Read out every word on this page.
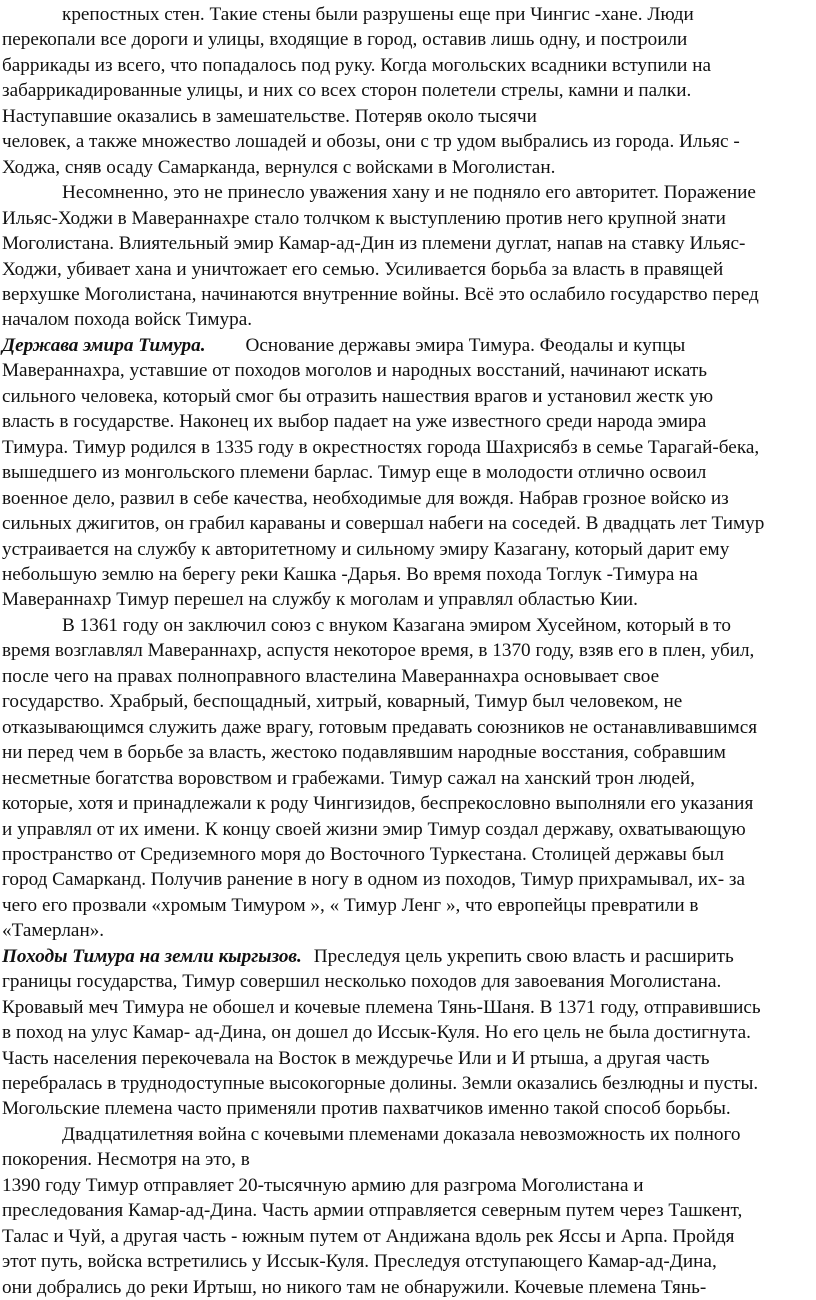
крепостных стен. Такие стены были разрушены еще при Чингис -хане. Люди
перекопали все дороги и улицы, входящие в город, оставив лишь одну, и построили
баррикады из всего, что попадалось под руку. Когда могольских всадники вступили на
забаррикадированные улицы, и них со всех сторон полетели стрелы, камни и палки.
Наступавшие оказались в замешательстве. Потеряв около тысячи
человек, а также множество лошадей и обозы, они с тр удом выбрались из города. Ильяс -
Ходжа, сняв осаду Самарканда, вернулся с войсками в Моголистан.
Несомненно, это не принесло уважения хану и не подняло его авторитет. Поражение
Ильяс-Ходжи в Мавераннахре стало толчком к выступлению против него крупной знати
Моголистана. Влиятельный эмир Камар-ад-Дин из племени дуглат, напав на ставку Ильяс-
Ходжи, убивает хана и уничтожает его семью. Усиливается борьба за власть в правящей
верхушке Моголистана, начинаются внутренние войны. Всё это ослабило государство перед
началом похода войск Тимура.
Держава эмира Тимура. Основание державы эмира Тимура. Феодалы и купцы
Мавераннахра, уставшие от походов моголов и народных восстаний, начинают искать
сильного человека, который смог бы отразить нашествия врагов и установил жестк ую
власть в государстве. Наконец их выбор падает на уже известного среди народа эмира
Тимура. Тимур родился в 1335 году в окрестностях города Шахрисябз в семье Тарагай-бека,
вышедшего из монгольского племени барлас. Тимур еще в молодости отлично освоил
военное дело, развил в себе качества, необходимые для вождя. Набрав грозное войско из
сильных джигитов, он грабил караваны и совершал набеги на соседей. В двадцать лет Тимур
устраивается на службу к авторитетному и сильному эмиру Казагану, который дарит ему
небольшую землю на берегу реки Кашка -Дарья. Во время похода Тоглук -Тимура на
Мавераннахр Тимур перешел на службу к моголам и управлял областью Кии.
В 1361 году он заключил союз с внуком Казагана эмиром Хусейном, который в то
время возглавлял Мавераннахр, аспустя некоторое время, в 1370 году, взяв его в плен, убил,
после чего на правах полноправного властелина Мавераннахра основывает свое
государство. Храбрый, беспощадный, хитрый, коварный, Тимур был человеком, не
отказывающимся служить даже врагу, готовым предавать союзников не останавливавшимся
ни перед чем в борьбе за власть, жестоко подавлявшим народные восстания, собравшим
несметные богатства воровством и грабежами. Тимур сажал на ханский трон людей,
которые, хотя и принадлежали к роду Чингизидов, беспрекословно выполняли его указания
и управлял от их имени. К концу своей жизни эмир Тимур создал державу, охватывающую
пространство от Средиземного моря до Восточного Туркестана. Столицей державы был
город Самарканд. Получив ранение в ногу в одном из походов, Тимур прихрамывал, их- за
чего его прозвали «хромым Тимуром », « Тимур Ленг », что европейцы превратили в
«Тамерлан».
Походы Тимура на земли кыргызов. Преследуя цель укрепить свою власть и расширить
границы государства, Тимур совершил несколько походов для завоевания Моголистана.
Кровавый меч Тимура не обошел и кочевые племена Тянь-Шаня. В 1371 году, отправившись
в поход на улус Камар- ад-Дина, он дошел до Иссык-Куля. Но его цель не была достигнута.
Часть населения перекочевала на Восток в междуречье Или и И ртыша, а другая часть
перебралась в труднодоступные высокогорные долины. Земли оказались безлюдны и пусты.
Могольские племена часто применяли против пахватчиков именно такой способ борьбы.
Двадцатилетняя война с кочевыми племенами доказала невозможность их полного
покорения. Несмотря на это, в
1390 году Тимур отправляет 20-тысячную армию для разгрома Моголистана и
преследования Камар-ад-Дина. Часть армии отправляется северным путем через Ташкент,
Талас и Чуй, а другая часть - южным путем от Андижана вдоль рек Яссы и Арпа. Пройдя
этот путь, войска встретились у Иссык-Куля. Преследуя отступающего Камар-ад-Дина,
они добрались до реки Иртыш, но никого там не обнаружили. Кочевые племена Тянь-
